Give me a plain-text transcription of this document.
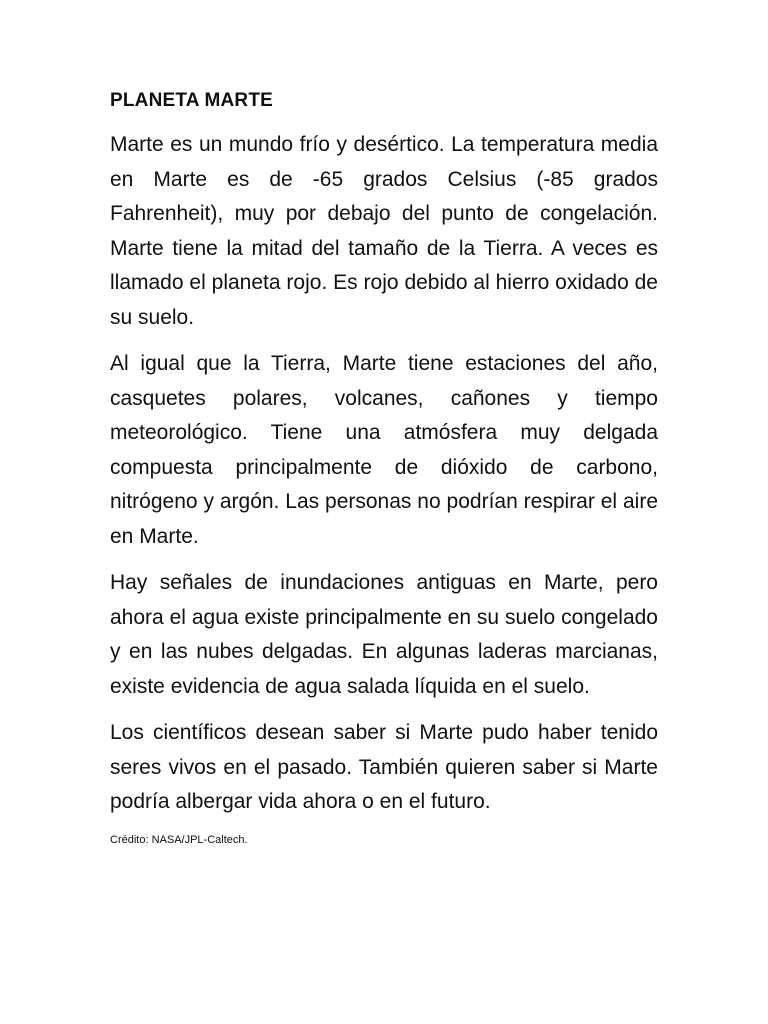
PLANETA MARTE

Marte es un mundo frío y desértico. La temperatura media en Marte es de -65 grados Celsius (-85 grados Fahrenheit), muy por debajo del punto de congelación. Marte tiene la mitad del tamaño de la Tierra. A veces es llamado el planeta rojo. Es rojo debido al hierro oxidado de su suelo.

Al igual que la Tierra, Marte tiene estaciones del año, casquetes polares, volcanes, cañones y tiempo meteorológico. Tiene una atmósfera muy delgada compuesta principalmente de dióxido de carbono, nitrógeno y argón. Las personas no podrían respirar el aire en Marte.

Hay señales de inundaciones antiguas en Marte, pero ahora el agua existe principalmente en su suelo congelado y en las nubes delgadas. En algunas laderas marcianas, existe evidencia de agua salada líquida en el suelo.

Los científicos desean saber si Marte pudo haber tenido seres vivos en el pasado. También quieren saber si Marte podría albergar vida ahora o en el futuro.

Crédito: NASA/JPL-Caltech.
